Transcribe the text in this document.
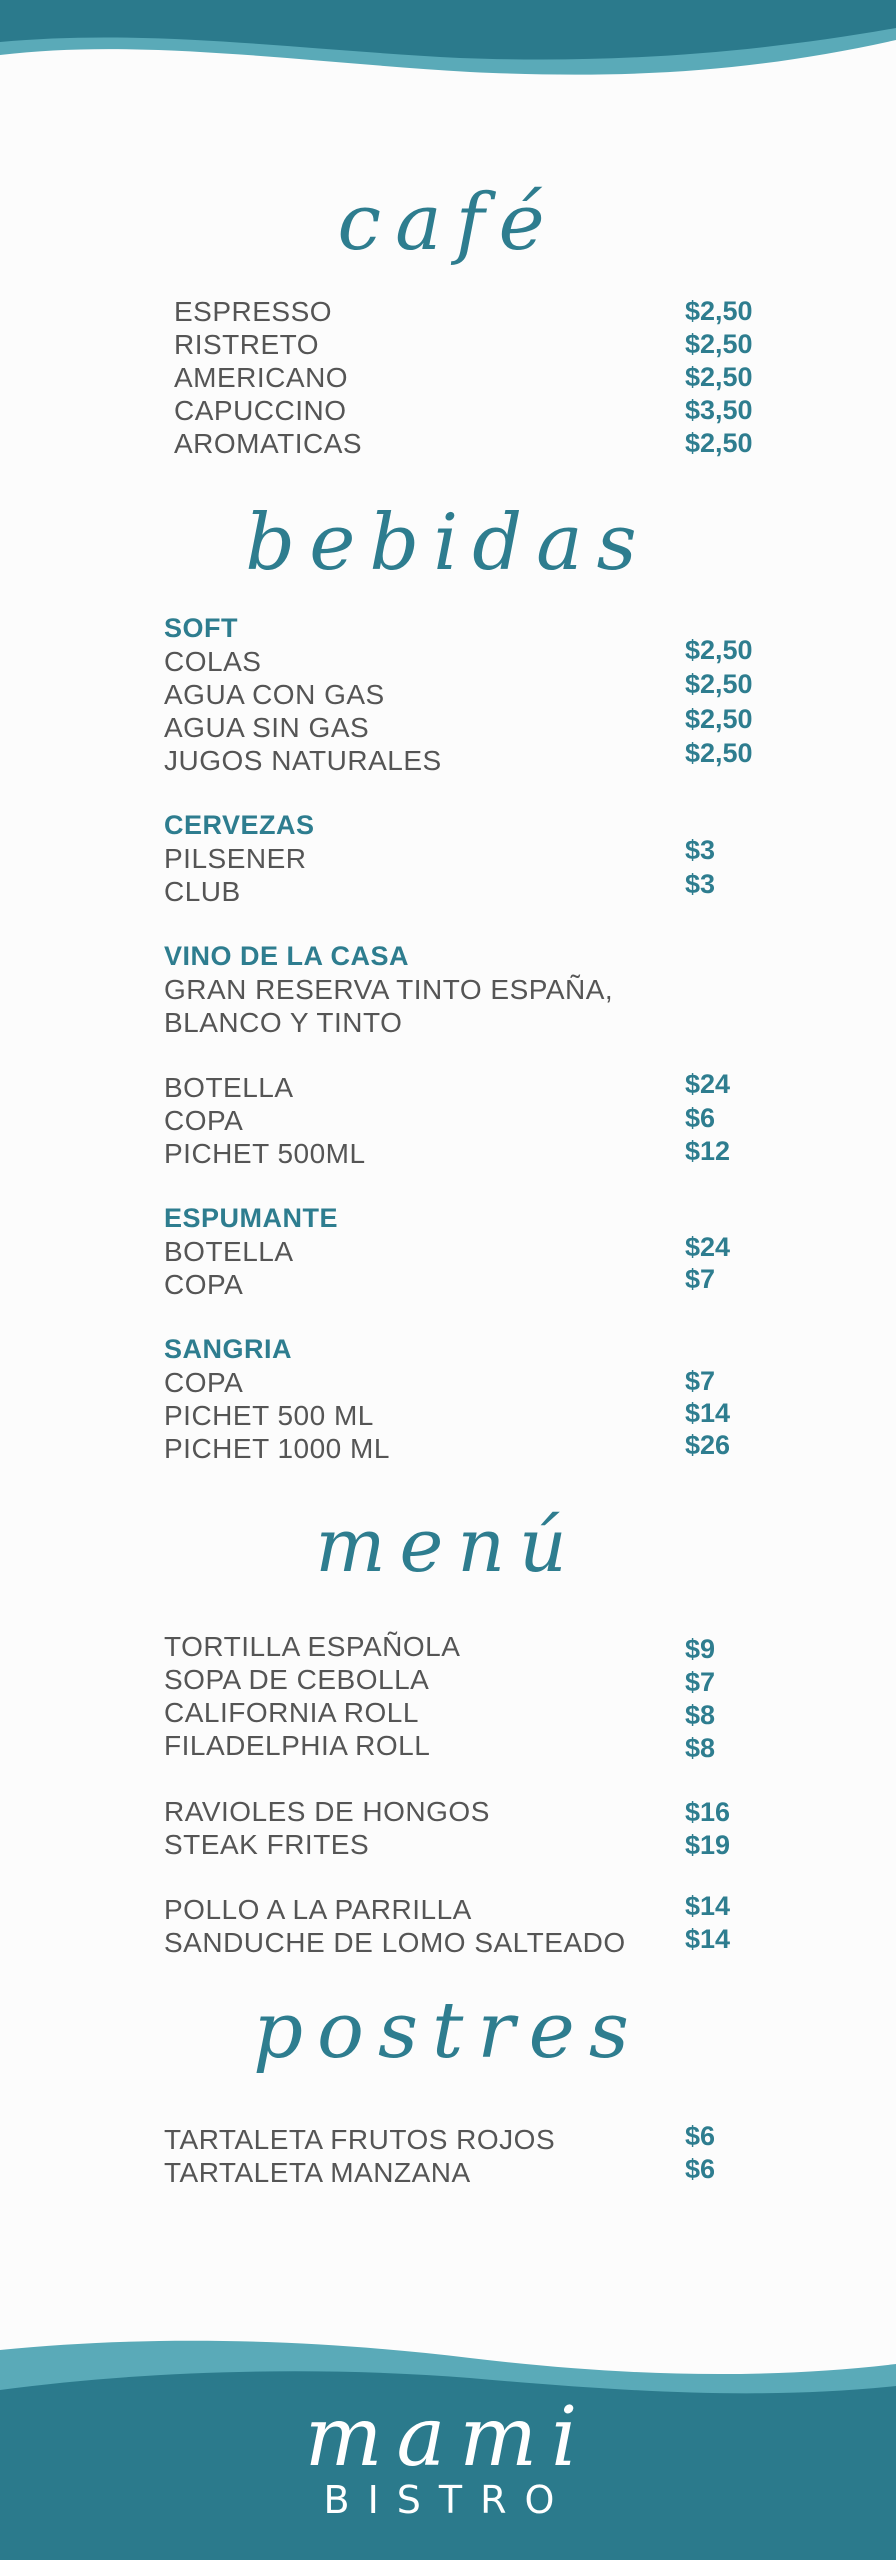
café
ESPRESSO	$2,50
RISTRETO	$2,50
AMERICANO	$2,50
CAPUCCINO	$3,50
AROMATICAS	$2,50
bebidas
SOFT
COLAS	$2,50
AGUA CON GAS	$2,50
AGUA SIN GAS	$2,50
JUGOS NATURALES	$2,50
CERVEZAS
PILSENER	$3
CLUB	$3
VINO DE LA CASA
GRAN RESERVA TINTO ESPAÑA,
BLANCO Y TINTO
BOTELLA	$24
COPA	$6
PICHET 500ML	$12
ESPUMANTE
BOTELLA	$24
COPA	$7
SANGRIA
COPA	$7
PICHET 500 ML	$14
PICHET 1000 ML	$26
menú
TORTILLA ESPAÑOLA	$9
SOPA DE CEBOLLA	$7
CALIFORNIA ROLL	$8
FILADELPHIA ROLL	$8
RAVIOLES DE HONGOS	$16
STEAK FRITES	$19
POLLO A LA PARRILLA	$14
SANDUCHE DE LOMO SALTEADO $14
postres
TARTALETA FRUTOS ROJOS	$6
TARTALETA MANZANA	$6
mami
BISTRO
